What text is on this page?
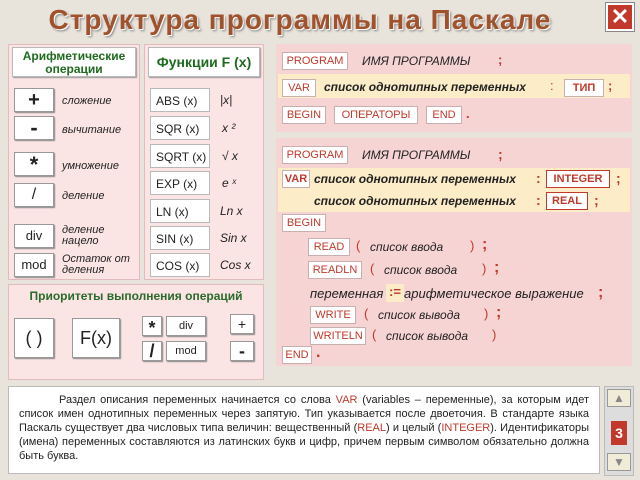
Структура программы на Паскале	✕
Арифметические операции
+	сложение
-	вычитание
*	умножение
/	деление
div	деление нацело
mod	Остаток от деления
Функции F (x)
ABS (x)	|x|
SQR (x)	x ²
SQRT (x)	√ x
EXP (x)	e ˣ
LN (x)	Ln x
SIN (x)	Sin x
COS (x)	Cos x
Приоритеты выполнения операций
( )	F(x)	*	div
/	mod
+
-
PROGRAM	ИМЯ ПРОГРАММЫ ;
VAR	список однотипных переменных :	ТИП ;
BEGIN	ОПЕРАТОРЫ	END .
PROGRAM	ИМЯ ПРОГРАММЫ ;
VAR список однотипных переменных :	INTEGER ;
список однотипных переменных :	REAL ;
BEGIN
READ ( список ввода ) ;
READLN ( список ввода ) ;
переменная := арифметическое выражение ;
WRITE	( список вывода ) ;
WRITELN ( список вывода )
END .
Раздел описания переменных начинается со слова VAR (variables – переменные), за которым идет список имен однотипных переменных через запятую. Тип указывается после двоеточия. В стандарте языка Паскаль существует два числовых типа величин: вещественный (REAL) и целый (INTEGER). Идентификаторы (имена) переменных составляются из латинских букв и цифр, причем первым символом обязательно должна быть буква.
▲
3
▼
